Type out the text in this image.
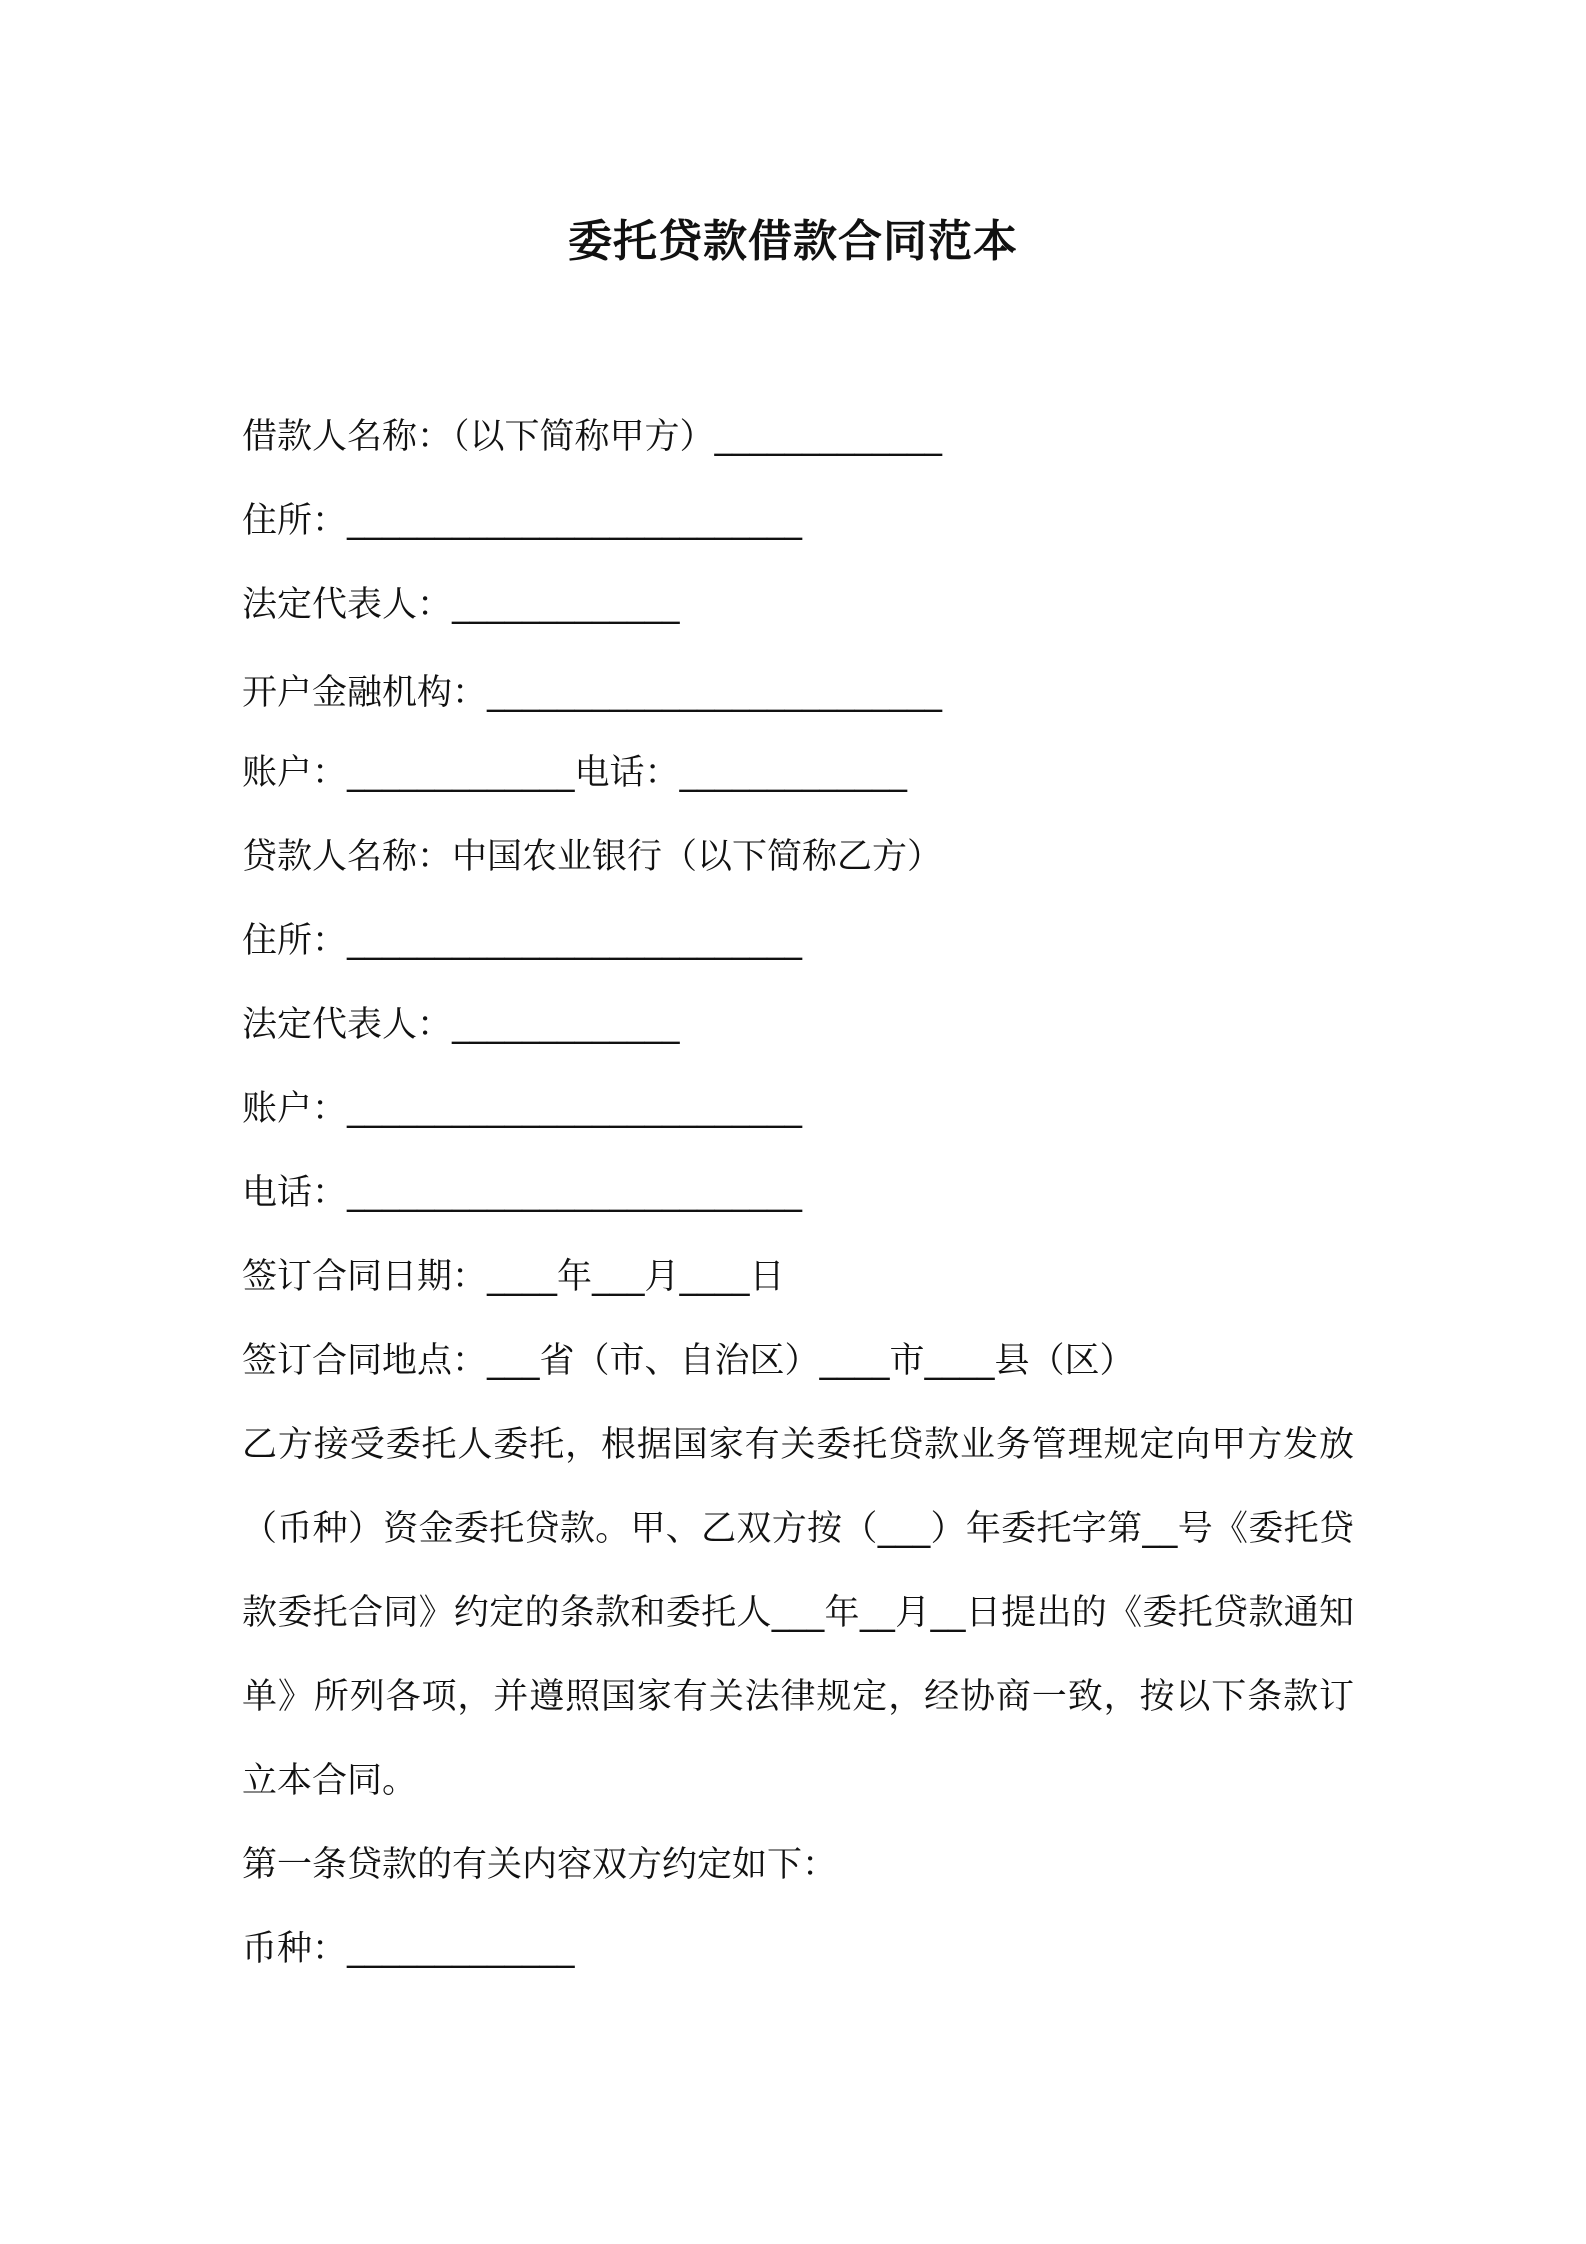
委托贷款借款合同范本

借款人名称：（以下简称甲方）_____________

住所：__________________________

法定代表人：_____________

开户金融机构：__________________________

账户：_____________电话：_____________

贷款人名称：中国农业银行（以下简称乙方）

住所：__________________________

法定代表人：_____________

账户：__________________________

电话：__________________________

签订合同日期：____年___月____日

签订合同地点：___省（市、自治区）____市____县（区）

乙方接受委托人委托，根据国家有关委托贷款业务管理规定向甲方发放（币种）资金委托贷款。甲、乙双方按（___）年委托字第__号《委托贷款委托合同》约定的条款和委托人___年__月__日提出的《委托贷款通知单》所列各项，并遵照国家有关法律规定，经协商一致，按以下条款订立本合同。

第一条贷款的有关内容双方约定如下：

币种：_____________
